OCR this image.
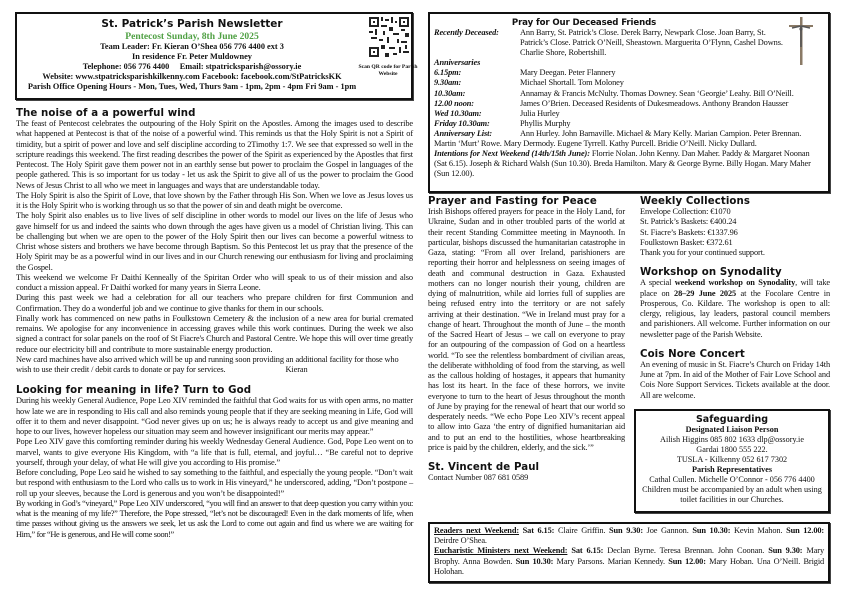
St. Patrick’s Parish Newsletter
Pentecost Sunday, 8th June 2025
Team Leader: Fr. Kieran O’Shea 056 776 4400 ext 3
In residence Fr. Peter Muldowney
Telephone: 056 776 4400 Email: stpatricksparish@ossory.ie
Website: www.stpatricksparishkilkenny.com Facebook: facebook.com/StPatricksKK
Parish Office Opening Hours - Mon, Tues, Wed, Thurs 9am - 1pm, 2pm - 4pm Fri 9am - 1pm
Scan QR code for Parish Website
The noise of a a powerful wind

The feast of Pentecost celebrates the outpouring of the Holy Spirit on the Apostles. Among the images used to describe what happened at Pentecost is that of the noise of a powerful wind. This reminds us that the Holy Spirit is not a Spirit of timidity, but a spirit of power and love and self discipline according to 2Timothy 1:7. We see that expressed so well in the scripture readings this weekend. The first reading describes the power of the Spirit as experienced by the Apostles that first Pentecost. The Holy Spirit gave them power not in an earthly sense but power to proclaim the Gospel in languages of the people gathered. This is so important for us today - let us ask the Spirit to give all of us the power to proclaim the Good News of Jesus Christ to all who we meet in languages and ways that are understandable today.

The Holy Spirit is also the Spirit of Love, that love shown by the Father through His Son. When we love as Jesus loves us it is the Holy Spirit who is working through us so that the power of sin and death might be overcome.

The holy Spirit also enables us to live lives of self discipline in other words to model our lives on the life of Jesus who gave himself for us and indeed the saints who down through the ages have given us a model of Christian living. This can be challenging but when we are open to the power of the Holy Spirit then our lives can become a powerful witness to Christ whose sisters and brothers we have become through Baptism. So this Pentecost let us pray that the presence of the Holy Spirit may be as a powerful wind in our lives and in our Church renewing our enthusiasm for living and proclaiming the Gospel.

This weekend we welcome Fr Daithí Kenneally of the Spiritan Order who will speak to us of their mission and also conduct a mission appeal. Fr Daithí worked for many years in Sierra Leone.

During this past week we had a celebration for all our teachers who prepare children for first Communion and Confirmation. They do a wonderful job and we continue to give thanks for them in our schools.

Finally work has commenced on new paths in Foulkstown Cemetery & the inclusion of a new area for burial cremated remains. We apologise for any inconvenience in accessing graves while this work continues. During the week we also signed a contract for solar panels on the roof of St Fiacre's Church and Pastoral Centre. We hope this will over time greatly reduce our electricity bill and contribute to more sustainable energy production.

New card machines have also arrived which will be up and running soon providing an additional facility for those who wish to use their credit / debit cards to donate or pay for services.	Kieran

Looking for meaning in life? Turn to God

During his weekly General Audience, Pope Leo XIV reminded the faithful that God waits for us with open arms, no matter how late we are in responding to His call and also reminds young people that if they are seeking meaning in Life, God will offer it to them and never disappoint. “God never gives up on us; he is always ready to accept us and give meaning and hope to our lives, however hopeless our situation may seem and however insignificant our merits may appear.”

Pope Leo XIV gave this comforting reminder during his weekly Wednesday General Audience. God, Pope Leo went on to marvel, wants to give everyone His Kingdom, with “a life that is full, eternal, and joyful… “Be careful not to deprive yourself, through your delay, of what He will give you according to His promise.”

Before concluding, Pope Leo said he wished to say something to the faithful, and especially the young people. “Don’t wait but respond with enthusiasm to the Lord who calls us to work in His vineyard,” he underscored, adding, “Don’t postpone – roll up your sleeves, because the Lord is generous and you won’t be disappointed!”

By working in God’s “vineyard,” Pope Leo XIV underscored, “you will find an answer to that deep question you carry within you: what is the meaning of my life?” Therefore, the Pope stressed, “let’s not be discouraged! Even in the dark moments of life, when time passes without giving us the answers we seek, let us ask the Lord to come out again and find us where we are waiting for Him,” for “He is generous, and He will come soon!”

Pray for Our Deceased Friends
Recently Deceased:	Ann Barry, St. Patrick’s Close. Derek Barry, Newpark Close. Joan Barry, St. Patrick’s Close. Patrick O’Neill, Sheastown. Marguerita O’Flynn, Cashel Downs. Charlie Shore, Robertshill.
Anniversaries
6.15pm:	Mary Deegan. Peter Flannery
9.30am:	Michael Shortall. Tom Moloney
10.30am:	Annamay & Francis McNulty. Thomas Downey. Sean ‘Georgie’ Leahy. Bill O’Neill.
12.00 noon:	James O’Brien. Deceased Residents of Dukesmeadows. Anthony Brandon Hausser
Wed 10.30am:	Julia Hurley
Friday 10.30am:	Phyllis Murphy
Anniversary List:	Ann Hurley. John Barnaville. Michael & Mary Kelly. Marian Campion. Peter Brennan. Martin ‘Murt’ Rowe. Mary Dermody. Eugene Tyrrell. Kathy Purcell. Bridie O’Neill. Nicky Dullard.
Intentions for Next Weekend (14th/15th June): Florrie Nolan. John Kenny. Dan Maher. Paddy & Margaret Noonan (Sat 6.15). Joseph & Richard Walsh (Sun 10.30). Breda Hamilton. Mary & George Byrne. Billy Hogan. Mary Maher (Sun 12.00).
Prayer and Fasting for Peace
Irish Bishops offered prayers for peace in the Holy Land, for Ukraine, Sudan and in other troubled parts of the world at their recent Standing Committee meeting in Maynooth. In particular, bishops discussed the humanitarian catastrophe in Gaza, stating: “From all over Ireland, parishioners are reporting their horror and helplessness on seeing images of death and communal destruction in Gaza. Exhausted mothers can no longer nourish their young, children are dying of malnutrition, while aid lorries full of supplies are being refused entry into the territory or are not safely arriving at their destination. “We in Ireland must pray for a change of heart. Throughout the month of June – the month of the Sacred Heart of Jesus – we call on everyone to pray for an outpouring of the compassion of God on a heartless world. “To see the relentless bombardment of civilian areas, the deliberate withholding of food from the starving, as well as the callous holding of hostages, it appears that humanity has lost its heart. In the face of these horrors, we invite everyone to turn to the heart of Jesus throughout the month of June by praying for the renewal of heart that our world so desperately needs. “We echo Pope Leo XIV’s recent appeal to allow into Gaza ‘the entry of dignified humanitarian aid and to put an end to the hostilities, whose heartbreaking price is paid by the children, elderly, and the sick.’”
St. Vincent de Paul
Contact Number 087 681 0589
Weekly Collections
Envelope Collection: €1070
St. Patrick’s Baskets: €400.24
St. Fiacre’s Baskets: €1337.96
Foulkstown Basket: €372.61
Thank you for your continued support.
Workshop on Synodality
A special weekend workshop on Synodality, will take place on 28–29 June 2025 at the Focolare Centre in Prosperous, Co. Kildare. The workshop is open to all: clergy, religious, lay leaders, pastoral council members and parishioners. All welcome. Further information on our newsletter page of the Parish Website.
Cois Nore Concert
An evening of music in St. Fiacre’s Church on Friday 14th June at 7pm. In aid of the Mother of Fair Love School and Cois Nore Support Services. Tickets available at the door. All are welcome.
Safeguarding
Designated Liaison Person
Ailish Higgins 085 802 1633 dlp@ossory.ie
Gardai 1800 555 222.
TUSLA - Kilkenny 052 617 7302
Parish Representatives
Cathal Cullen. Michelle O’Connor - 056 776 4400
Children must be accompanied by an adult when using toilet facilities in our Churches.
Readers next Weekend: Sat 6.15: Claire Griffin. Sun 9.30: Joe Gannon. Sun 10.30: Kevin Mahon. Sun 12.00: Deirdre O’Shea.
Eucharistic Ministers next Weekend: Sat 6.15: Declan Byrne. Teresa Brennan. John Coonan. Sun 9.30: Mary Brophy. Anna Bowden. Sun 10.30: Mary Parsons. Marian Kennedy. Sun 12.00: Mary Hoban. Una O’Neill. Brigid Holohan.
